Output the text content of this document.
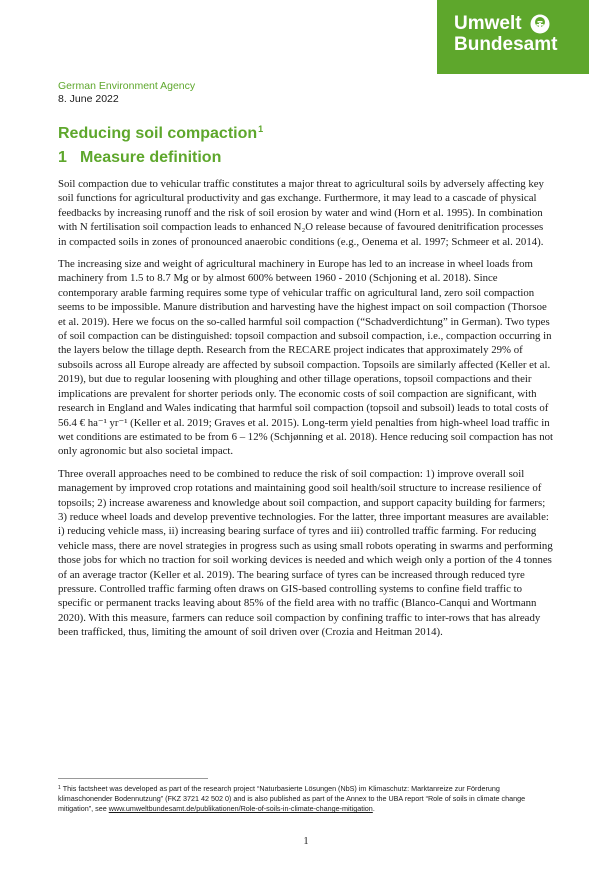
Umwelt
Bundesamt
German Environment Agency
8. June 2022
Reducing soil compaction$^1$
1 Measure definition

Soil compaction due to vehicular traffic constitutes a major threat to agricultural soils by adversely affecting key soil functions for agricultural productivity and gas exchange. Furthermore, it may lead to a cascade of physical feedbacks by increasing runoff and the risk of soil erosion by water and wind (Horn et al. 1995). In combination with N fertilisation soil compaction leads to enhanced N₂O release because of favoured denitrification processes in compacted soils in zones of pronounced anaerobic conditions (e.g., Oenema et al. 1997; Schmeer et al. 2014).

The increasing size and weight of agricultural machinery in Europe has led to an increase in wheel loads from machinery from 1.5 to 8.7 Mg or by almost 600% between 1960 - 2010 (Schjoning et al. 2018). Since contemporary arable farming requires some type of vehicular traffic on agricultural land, zero soil compaction seems to be impossible. Manure distribution and harvesting have the highest impact on soil compaction (Thorsoe et al. 2019). Here we focus on the so-called harmful soil compaction (“Schadverdichtung” in German). Two types of soil compaction can be distinguished: topsoil compaction and subsoil compaction, i.e., compaction occurring in the layers below the tillage depth. Research from the RECARE project indicates that approximately 29% of subsoils across all Europe already are affected by subsoil compaction. Topsoils are similarly affected (Keller et al. 2019), but due to regular loosening with ploughing and other tillage operations, topsoil compactions and their implications are prevalent for shorter periods only. The economic costs of soil compaction are significant, with research in England and Wales indicating that harmful soil compaction (topsoil and subsoil) leads to total costs of 56.4 € ha⁻¹ yr⁻¹ (Keller et al. 2019; Graves et al. 2015). Long-term yield penalties from high-wheel load traffic in wet conditions are estimated to be from 6 – 12% (Schjønning et al. 2018). Hence reducing soil compaction has not only agronomic but also societal impact.

Three overall approaches need to be combined to reduce the risk of soil compaction: 1) improve overall soil management by improved crop rotations and maintaining good soil health/soil structure to increase resilience of topsoils; 2) increase awareness and knowledge about soil compaction, and support capacity building for farmers; 3) reduce wheel loads and develop preventive technologies. For the latter, three important measures are available: i) reducing vehicle mass, ii) increasing bearing surface of tyres and iii) controlled traffic farming. For reducing vehicle mass, there are novel strategies in progress such as using small robots operating in swarms and performing those jobs for which no traction for soil working devices is needed and which weigh only a portion of the 4 tonnes of an average tractor (Keller et al. 2019). The bearing surface of tyres can be increased through reduced tyre pressure. Controlled traffic farming often draws on GIS-based controlling systems to confine field traffic to specific or permanent tracks leaving about 85% of the field area with no traffic (Blanco-Canqui and Wortmann 2020). With this measure, farmers can reduce soil compaction by confining traffic to inter-rows that has already been trafficked, thus, limiting the amount of soil driven over (Crozia and Heitman 2014).

$^1$ This factsheet was developed as part of the research project “Naturbasierte Lösungen (NbS) im Klimaschutz: Marktanreize zur Förderung klimaschonender Bodennutzung” (FKZ 3721 42 502 0) and is also published as part of the Annex to the UBA report “Role of soils in climate change mitigation”, see www.umweltbundesamt.de/publikationen/Role-of-soils-in-climate-change-mitigation.
1
